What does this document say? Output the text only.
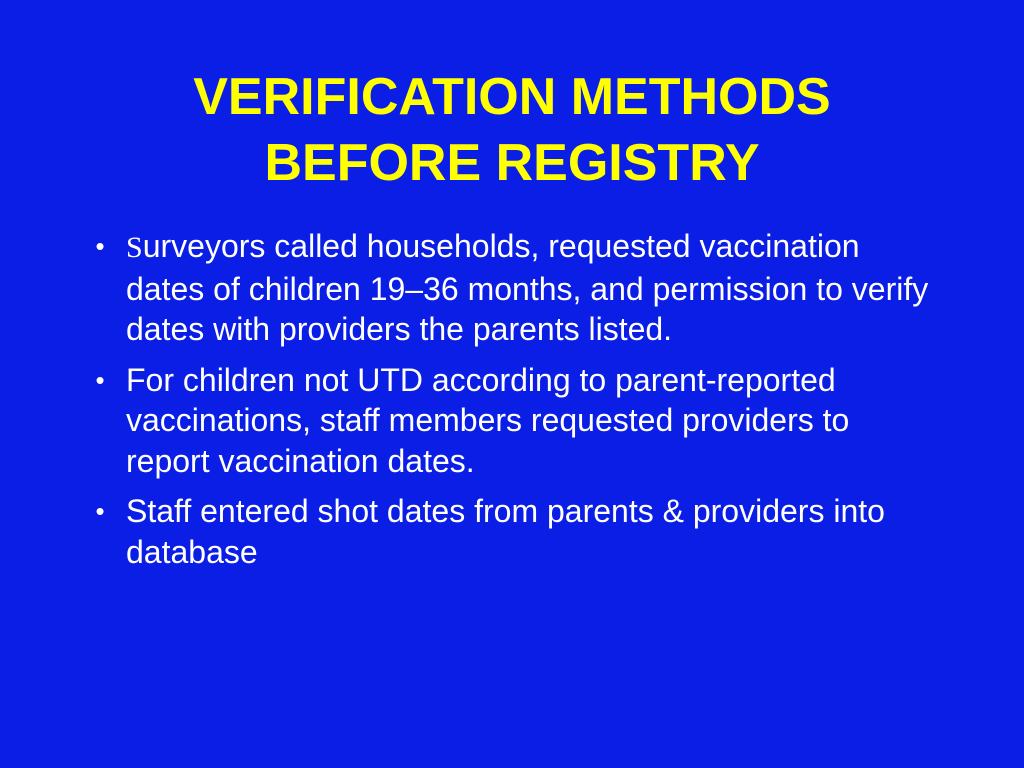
VERIFICATION METHODS
BEFORE REGISTRY
• Surveyors called households, requested vaccination dates of children 19–36 months, and permission to verify dates with providers the parents listed.
• For children not UTD according to parent-reported vaccinations, staff members requested providers to report vaccination dates.
• Staff entered shot dates from parents & providers into database
